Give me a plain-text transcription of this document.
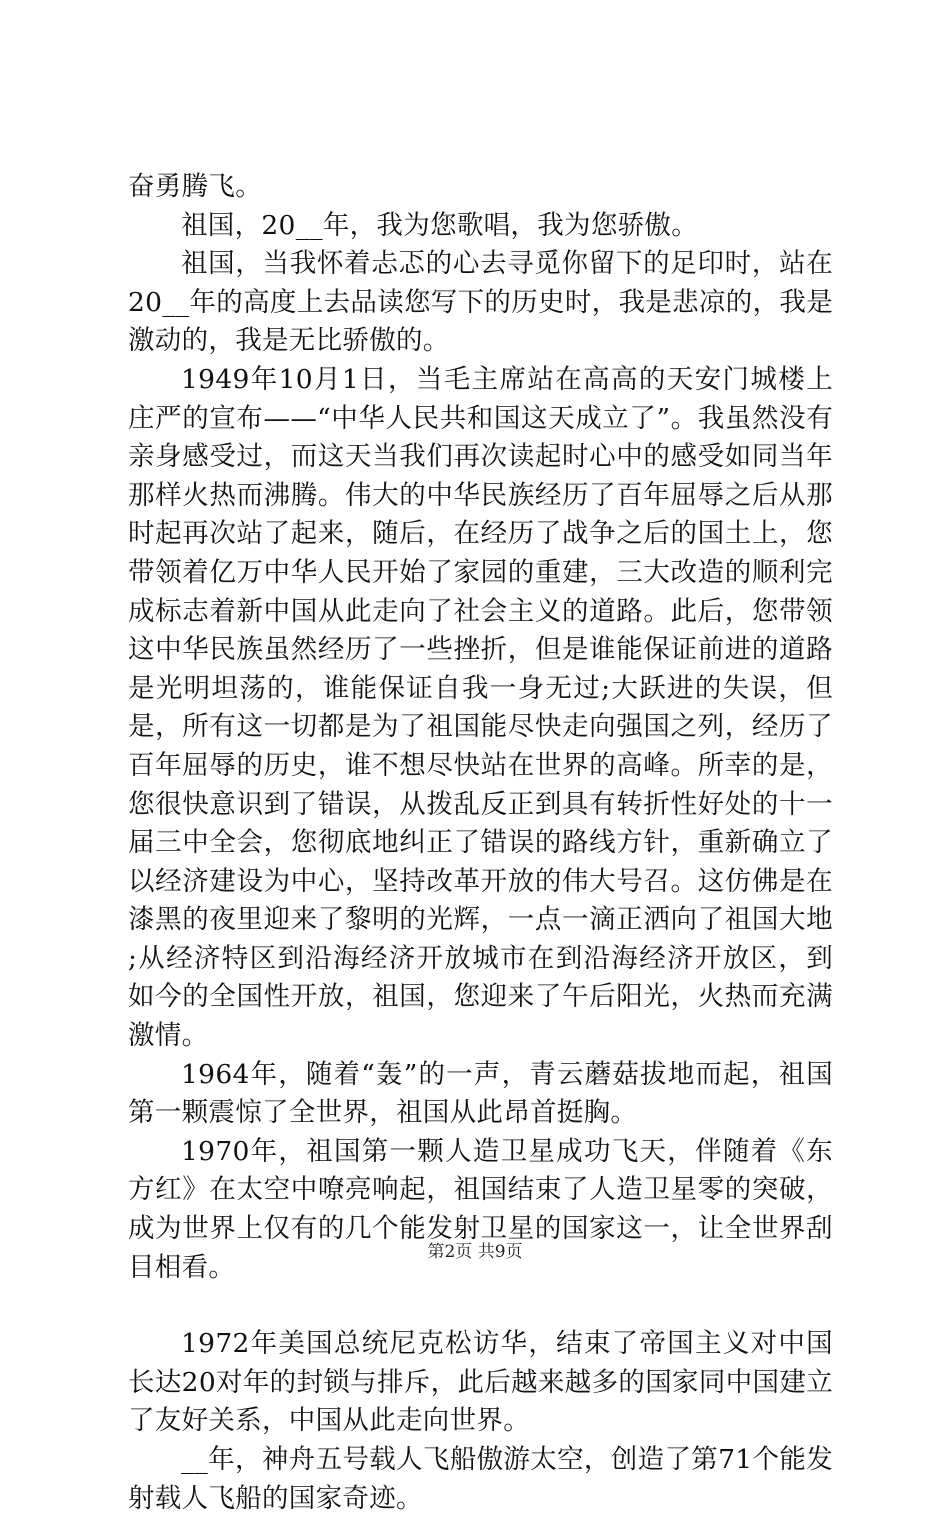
奋勇腾飞。

祖国，20__年，我为您歌唱，我为您骄傲。

祖国，当我怀着忐忑的心去寻觅你留下的足印时，站在20__年的高度上去品读您写下的历史时，我是悲凉的，我是激动的，我是无比骄傲的。

1949年10月1日，当毛主席站在高高的天安门城楼上庄严的宣布——“中华人民共和国这天成立了”。我虽然没有亲身感受过，而这天当我们再次读起时心中的感受如同当年那样火热而沸腾。伟大的中华民族经历了百年屈辱之后从那时起再次站了起来，随后，在经历了战争之后的国土上，您带领着亿万中华人民开始了家园的重建，三大改造的顺利完成标志着新中国从此走向了社会主义的道路。此后，您带领这中华民族虽然经历了一些挫折，但是谁能保证前进的道路是光明坦荡的，谁能保证自我一身无过;大跃进的失误，但是，所有这一切都是为了祖国能尽快走向强国之列，经历了百年屈辱的历史，谁不想尽快站在世界的高峰。所幸的是，您很快意识到了错误，从拨乱反正到具有转折性好处的十一届三中全会，您彻底地纠正了错误的路线方针，重新确立了以经济建设为中心，坚持改革开放的伟大号召。这仿佛是在漆黑的夜里迎来了黎明的光辉，一点一滴正洒向了祖国大地;从经济特区到沿海经济开放城市在到沿海经济开放区，到如今的全国性开放，祖国，您迎来了午后阳光，火热而充满激情。

1964年，随着“轰”的一声，青云蘑菇拔地而起，祖国第一颗震惊了全世界，祖国从此昂首挺胸。

1970年，祖国第一颗人造卫星成功飞天，伴随着《东方红》在太空中嘹亮响起，祖国结束了人造卫星零的突破，成为世界上仅有的几个能发射卫星的国家这一，让全世界刮目相看。

1972年美国总统尼克松访华，结束了帝国主义对中国长达20对年的封锁与排斥，此后越来越多的国家同中国建立了友好关系，中国从此走向世界。

__年，神舟五号载人飞船傲游太空，创造了第71个能发射载人飞船的国家奇迹。

第2页 共9页
